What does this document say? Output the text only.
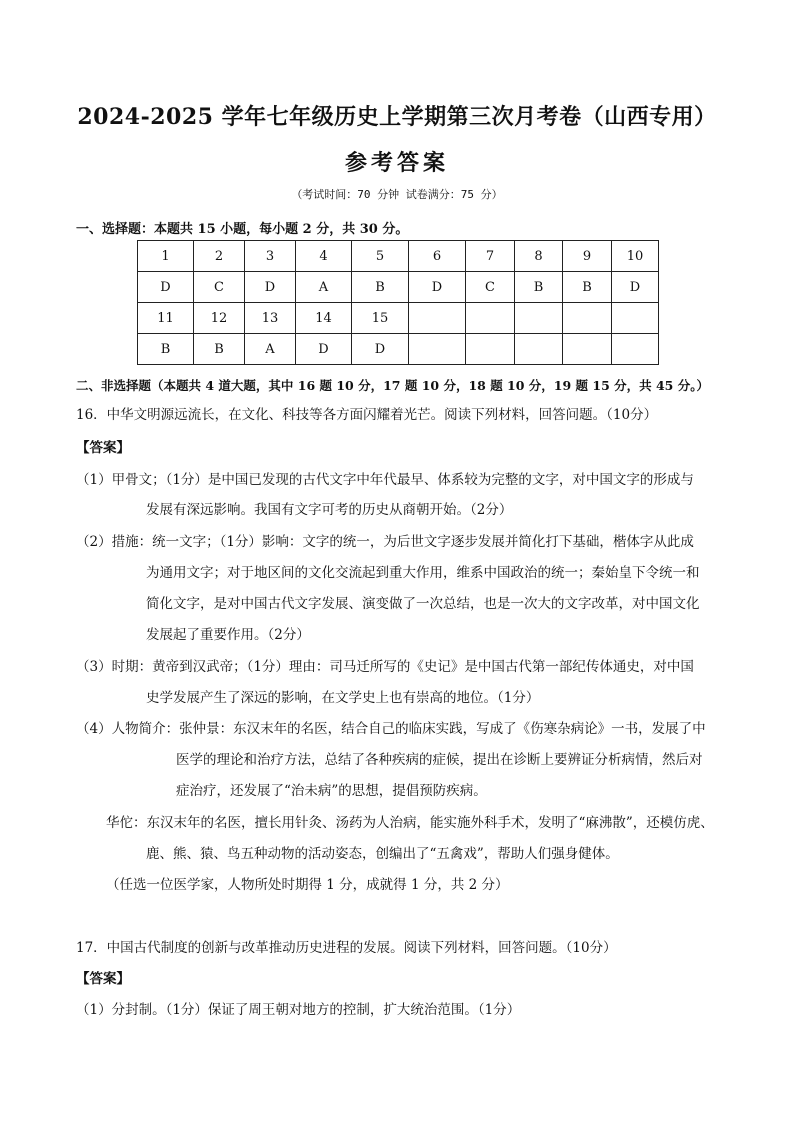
2024-2025 学年七年级历史上学期第三次月考卷（山西专用）
参考答案
（考试时间：70 分钟 试卷满分：75 分）
一、选择题：本题共 15 小题，每小题 2 分，共 30 分。
1	2	3	4	5	6	7	8	9	10
D	C	D	A	B	D	C	B	B	D
11	12	13	14	15					
B	B	A	D	D					
二、非选择题（本题共 4 道大题，其中 16 题 10 分，17 题 10 分，18 题 10 分，19 题 15 分，共 45 分。）
16．中华文明源远流长，在文化、科技等各方面闪耀着光芒。阅读下列材料，回答问题。（10分）
【答案】
（1）甲骨文；（1分）是中国已发现的古代文字中年代最早、体系较为完整的文字，对中国文字的形成与
发展有深远影响。我国有文字可考的历史从商朝开始。（2分）
（2）措施：统一文字；（1分）影响：文字的统一，为后世文字逐步发展并简化打下基础，楷体字从此成
为通用文字；对于地区间的文化交流起到重大作用，维系中国政治的统一；秦始皇下令统一和
简化文字，是对中国古代文字发展、演变做了一次总结，也是一次大的文字改革，对中国文化
发展起了重要作用。（2分）
（3）时期：黄帝到汉武帝；（1分）理由：司马迁所写的《史记》是中国古代第一部纪传体通史，对中国
史学发展产生了深远的影响，在文学史上也有崇高的地位。（1分）
（4）人物简介：张仲景：东汉末年的名医，结合自己的临床实践，写成了《伤寒杂病论》一书，发展了中
医学的理论和治疗方法，总结了各种疾病的症候，提出在诊断上要辨证分析病情，然后对
症治疗，还发展了“治未病”的思想，提倡预防疾病。
华佗：东汉末年的名医，擅长用针灸、汤药为人治病，能实施外科手术，发明了“麻沸散”，还模仿虎、
鹿、熊、猿、鸟五种动物的活动姿态，创编出了“五禽戏”，帮助人们强身健体。
（任选一位医学家，人物所处时期得 1 分，成就得 1 分，共 2 分）
17．中国古代制度的创新与改革推动历史进程的发展。阅读下列材料，回答问题。（10分）
【答案】
（1）分封制。（1分）保证了周王朝对地方的控制，扩大统治范围。（1分）
